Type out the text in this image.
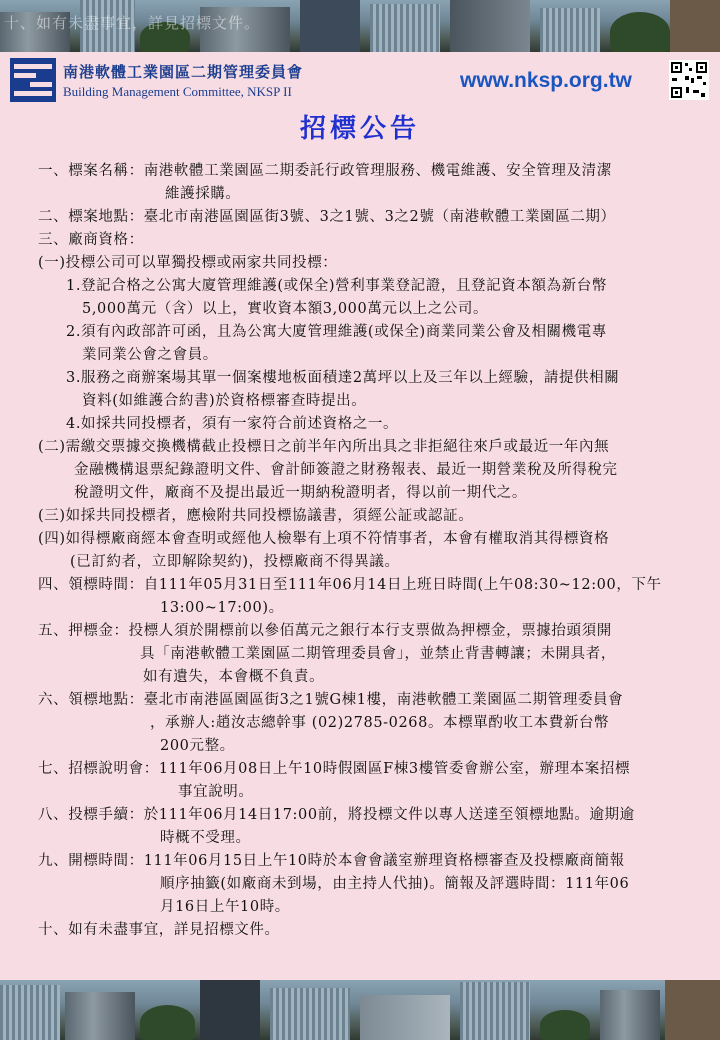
十、如有未盡事宜，詳見招標文件。
南港軟體工業園區二期管理委員會
Building Management Committee, NKSP II	www.nksp.org.tw
招標公告
一、標案名稱：南港軟體工業園區二期委託行政管理服務、機電維護、安全管理及清潔
維護採購。
二、標案地點：臺北市南港區園區街3號、3之1號、3之2號（南港軟體工業園區二期）
三、廠商資格：
(一)投標公司可以單獨投標或兩家共同投標：
1.登記合格之公寓大廈管理維護(或保全)營利事業登記證，且登記資本額為新台幣
5,000萬元（含）以上，實收資本額3,000萬元以上之公司。
2.須有內政部許可函，且為公寓大廈管理維護(或保全)商業同業公會及相關機電專
業同業公會之會員。
3.服務之商辦案場其單一個案樓地板面積達2萬坪以上及三年以上經驗，請提供相關
資料(如維護合約書)於資格標審查時提出。
4.如採共同投標者，須有一家符合前述資格之一。
(二)需繳交票據交換機構截止投標日之前半年內所出具之非拒絕往來戶或最近一年內無
金融機構退票紀錄證明文件、會計師簽證之財務報表、最近一期營業稅及所得稅完
稅證明文件，廠商不及提出最近一期納稅證明者，得以前一期代之。
(三)如採共同投標者，應檢附共同投標協議書，須經公証或認証。
(四)如得標廠商經本會查明或經他人檢舉有上項不符情事者，本會有權取消其得標資格
(已訂約者，立即解除契約)，投標廠商不得異議。
四、領標時間：自111年05月31日至111年06月14日上班日時間(上午08:30~12:00，下午
13:00~17:00)。
五、押標金：投標人須於開標前以參佰萬元之銀行本行支票做為押標金，票據抬頭須開
具「南港軟體工業園區二期管理委員會」，並禁止背書轉讓；未開具者，
如有遺失，本會概不負責。
六、領標地點：臺北市南港區園區街3之1號G棟1樓，南港軟體工業園區二期管理委員會
，承辦人:趙汝志總幹事 (02)2785-0268。本標單酌收工本費新台幣
200元整。
七、招標說明會：111年06月08日上午10時假園區F棟3樓管委會辦公室，辦理本案招標
事宜說明。
八、投標手續：於111年06月14日17:00前，將投標文件以專人送達至領標地點。逾期逾
時概不受理。
九、開標時間：111年06月15日上午10時於本會會議室辦理資格標審查及投標廠商簡報
順序抽籤(如廠商未到場，由主持人代抽)。簡報及評選時間：111年06
月16日上午10時。
十、如有未盡事宜，詳見招標文件。
